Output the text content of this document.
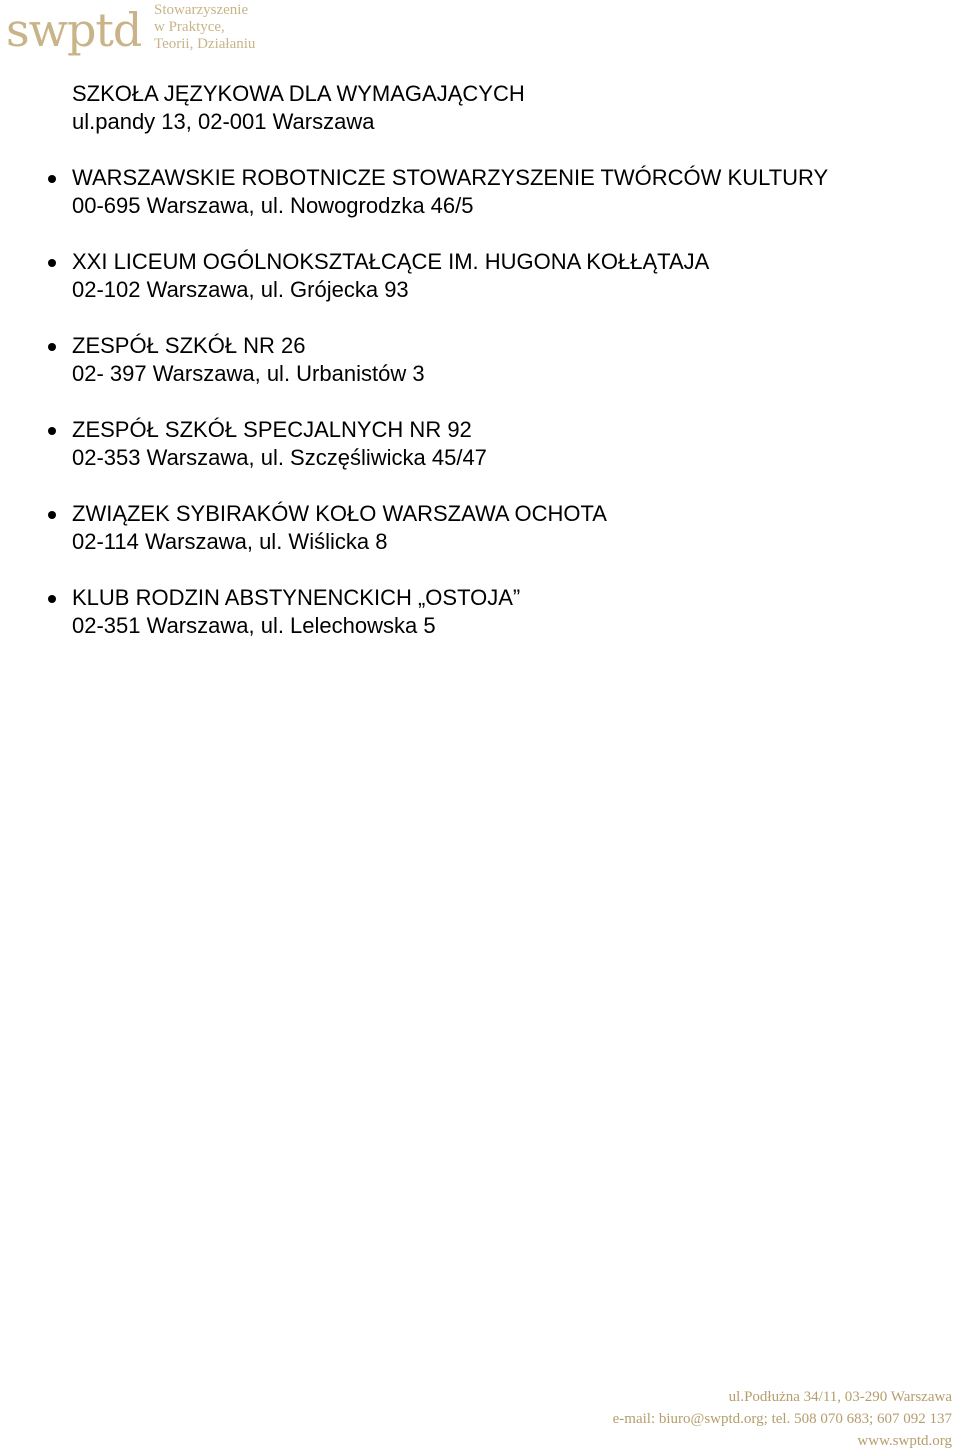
swptd Stowarzyszenie
w Praktyce,
Teorii, Działaniu
SZKOŁA JĘZYKOWA DLA WYMAGAJĄCYCH
ul.pandy 13, 02-001 Warszawa
WARSZAWSKIE ROBOTNICZE STOWARZYSZENIE TWÓRCÓW KULTURY
00-695 Warszawa, ul. Nowogrodzka 46/5
XXI LICEUM OGÓLNOKSZTAŁCĄCE IM. HUGONA KOŁŁĄTAJA
02-102 Warszawa, ul. Grójecka 93
ZESPÓŁ SZKÓŁ NR 26
02- 397 Warszawa, ul. Urbanistów 3
ZESPÓŁ SZKÓŁ SPECJALNYCH NR 92
02-353 Warszawa, ul. Szczęśliwicka 45/47
ZWIĄZEK SYBIRAKÓW KOŁO WARSZAWA OCHOTA
02-114 Warszawa, ul. Wiślicka 8
KLUB RODZIN ABSTYNENCKICH „OSTOJA”
02-351 Warszawa, ul. Lelechowska 5
ul.Podłużna 34/11, 03-290 Warszawa
e-mail: biuro@swptd.org; tel. 508 070 683; 607 092 137
www.swptd.org
